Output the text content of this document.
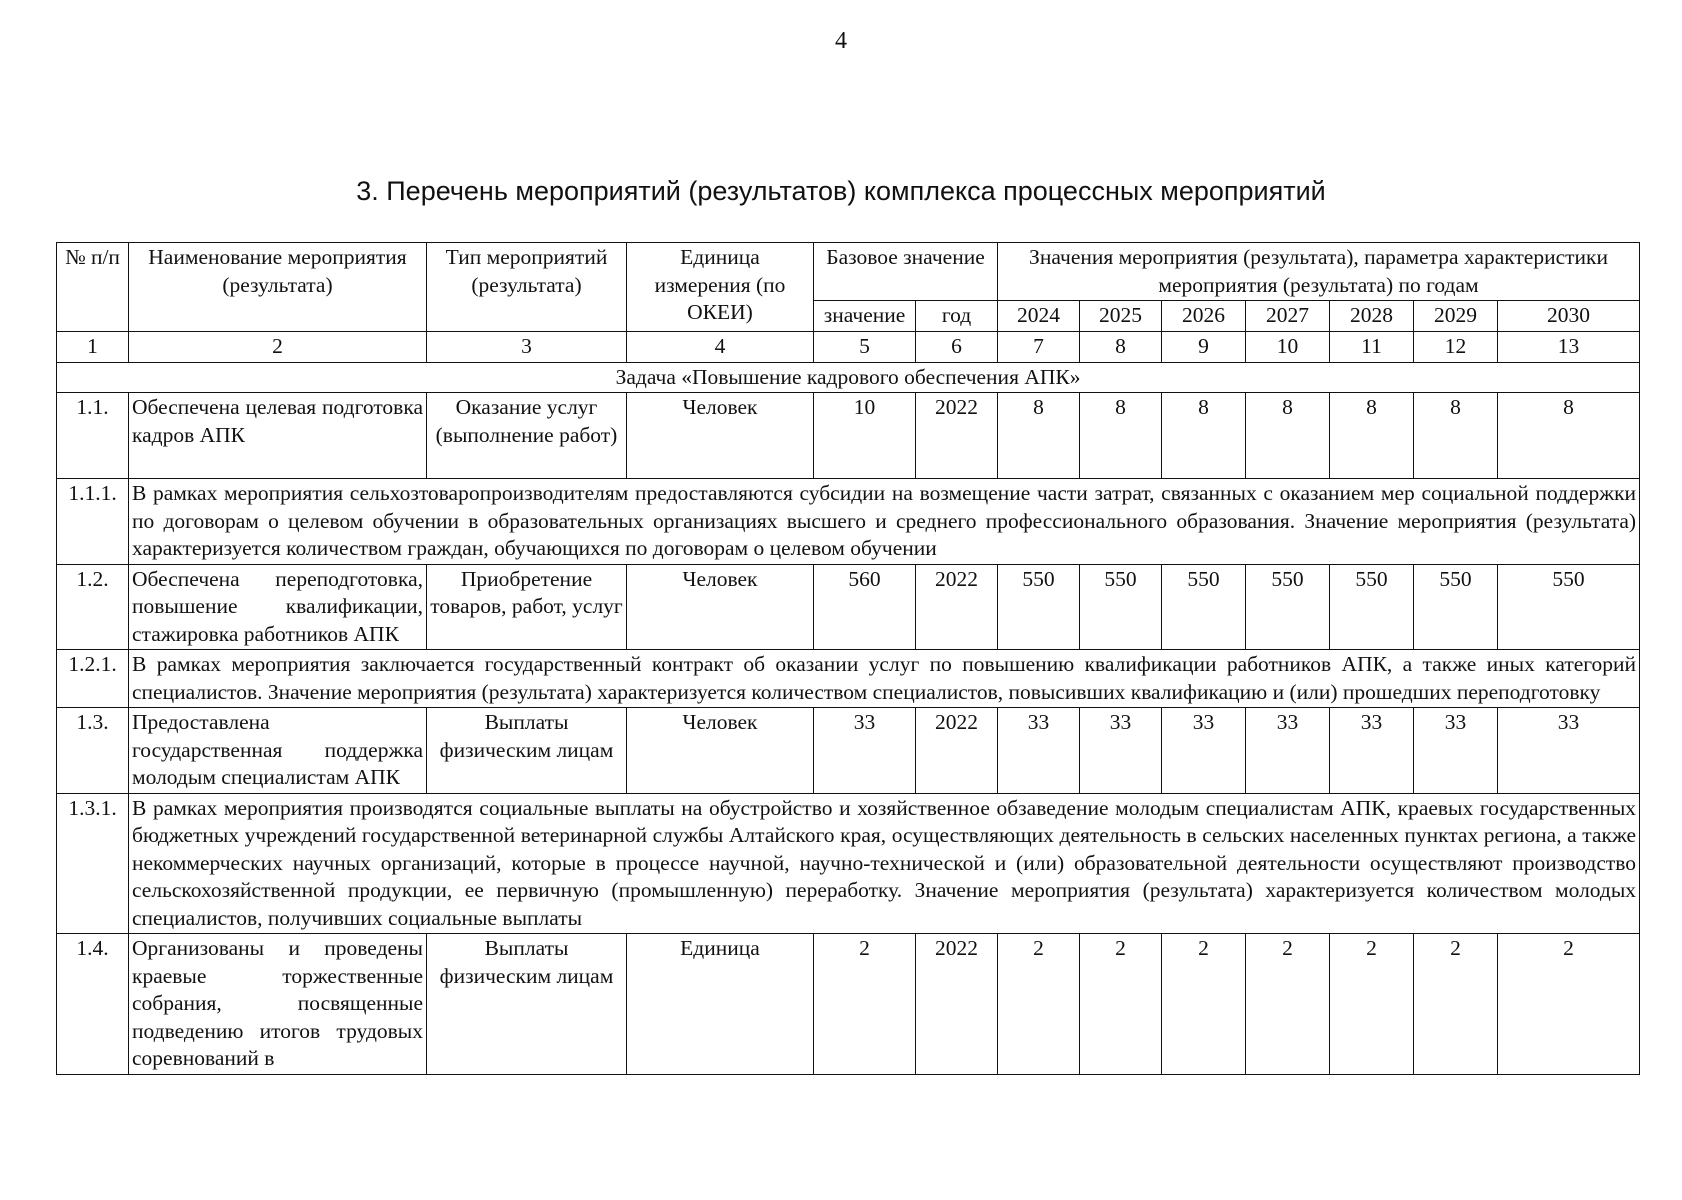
4
3. Перечень мероприятий (результатов) комплекса процессных мероприятий
№ п/п	Наименование мероприятия (результата)	Тип мероприятий (результата)	Единица измерения (по ОКЕИ)	Базовое значение		Значения мероприятия (результата), параметра характеристики мероприятия (результата) по годам						
				значение	год	2024	2025	2026	2027	2028	2029	2030
1	2	3	4	5	6	7	8	9	10	11	12	13
Задача «Повышение кадрового обеспечения АПК»												
1.1.	Обеспечена целевая подготовка кадров АПК	Оказание услуг (выполнение работ)	Человек	10	2022	8	8	8	8	8	8	8
1.1.1.	В рамках мероприятия сельхозтоваропроизводителям предоставляются субсидии на возмещение части затрат, связанных с оказанием мер социальной поддержки по договорам о целевом обучении в образовательных организациях высшего и среднего профессионального образования. Значение мероприятия (результата) характеризуется количеством граждан, обучающихся по договорам о целевом обучении											
1.2.	Обеспечена переподготовка, повышение квалификации, стажировка работников АПК	Приобретение товаров, работ, услуг	Человек	560	2022	550	550	550	550	550	550	550
1.2.1.	В рамках мероприятия заключается государственный контракт об оказании услуг по повышению квалификации работников АПК, а также иных категорий специалистов. Значение мероприятия (результата) характеризуется количеством специалистов, повысивших квалификацию и (или) прошедших переподготовку											
1.3.	Предоставлена государственная поддержка молодым специалистам АПК	Выплаты физическим лицам	Человек	33	2022	33	33	33	33	33	33	33
1.3.1.	В рамках мероприятия производятся социальные выплаты на обустройство и хозяйственное обзаведение молодым специалистам АПК, краевых государственных бюджетных учреждений государственной ветеринарной службы Алтайского края, осуществляющих деятельность в сельских населенных пунктах региона, а также некоммерческих научных организаций, которые в процессе научной, научно-технической и (или) образовательной деятельности осуществляют производство сельскохозяйственной продукции, ее первичную (промышленную) переработку. Значение мероприятия (результата) характеризуется количеством молодых специалистов, получивших социальные выплаты											
1.4.	Организованы и проведены краевые торжественные собрания, посвященные подведению итогов трудовых соревнований в	Выплаты физическим лицам	Единица	2	2022	2	2	2	2	2	2	2
